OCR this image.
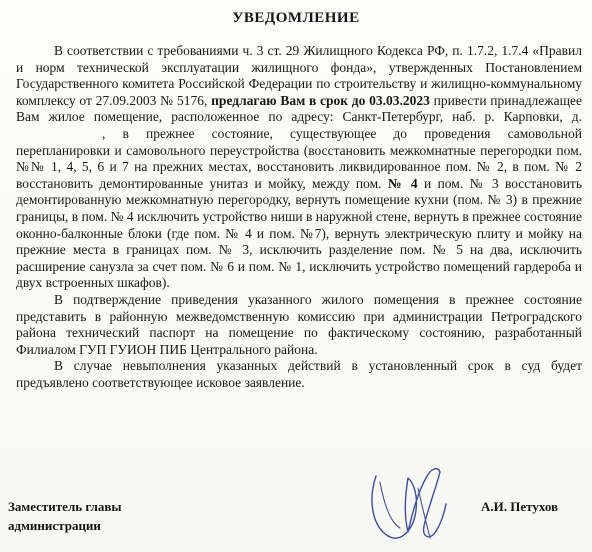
УВЕДОМЛЕНИЕ

В соответствии с требованиями ч. 3 ст. 29 Жилищного Кодекса РФ, п. 1.7.2, 1.7.4 «Правил и норм технической эксплуатации жилищного фонда», утвержденных Постановлением Государственного комитета Российской Федерации по строительству и жилищно-коммунальному комплексу от 27.09.2003 № 5176, предлагаю Вам в срок до 03.03.2023 привести принадлежащее Вам жилое помещение, расположенное по адресу: Санкт-Петербург, наб. р. Карповки, д. , в прежнее состояние, существующее до проведения самовольной перепланировки и самовольного переустройства (восстановить межкомнатные перегородки пом. №№ 1, 4, 5, 6 и 7 на прежних местах, восстановить ликвидированное пом. № 2, в пом. № 2 восстановить демонтированные унитаз и мойку, между пом. № 4 и пом. № 3 восстановить демонтированную межкомнатную перегородку, вернуть помещение кухни (пом. № 3) в прежние границы, в пом. № 4 исключить устройство ниши в наружной стене, вернуть в прежнее состояние оконно-балконные блоки (где пом. № 4 и пом. №7), вернуть электрическую плиту и мойку на прежние места в границах пом. № 3, исключить разделение пом. № 5 на два, исключить расширение санузла за счет пом. № 6 и пом. № 1, исключить устройство помещений гардероба и двух встроенных шкафов).

В подтверждение приведения указанного жилого помещения в прежнее состояние представить в районную межведомственную комиссию при администрации Петроградского района технический паспорт на помещение по фактическому состоянию, разработанный Филиалом ГУП ГУИОН ПИБ Центрального района.

В случае невыполнения указанных действий в установленный срок в суд будет предъявлено соответствующее исковое заявление.

Заместитель главы
администрации
А.И. Петухов
